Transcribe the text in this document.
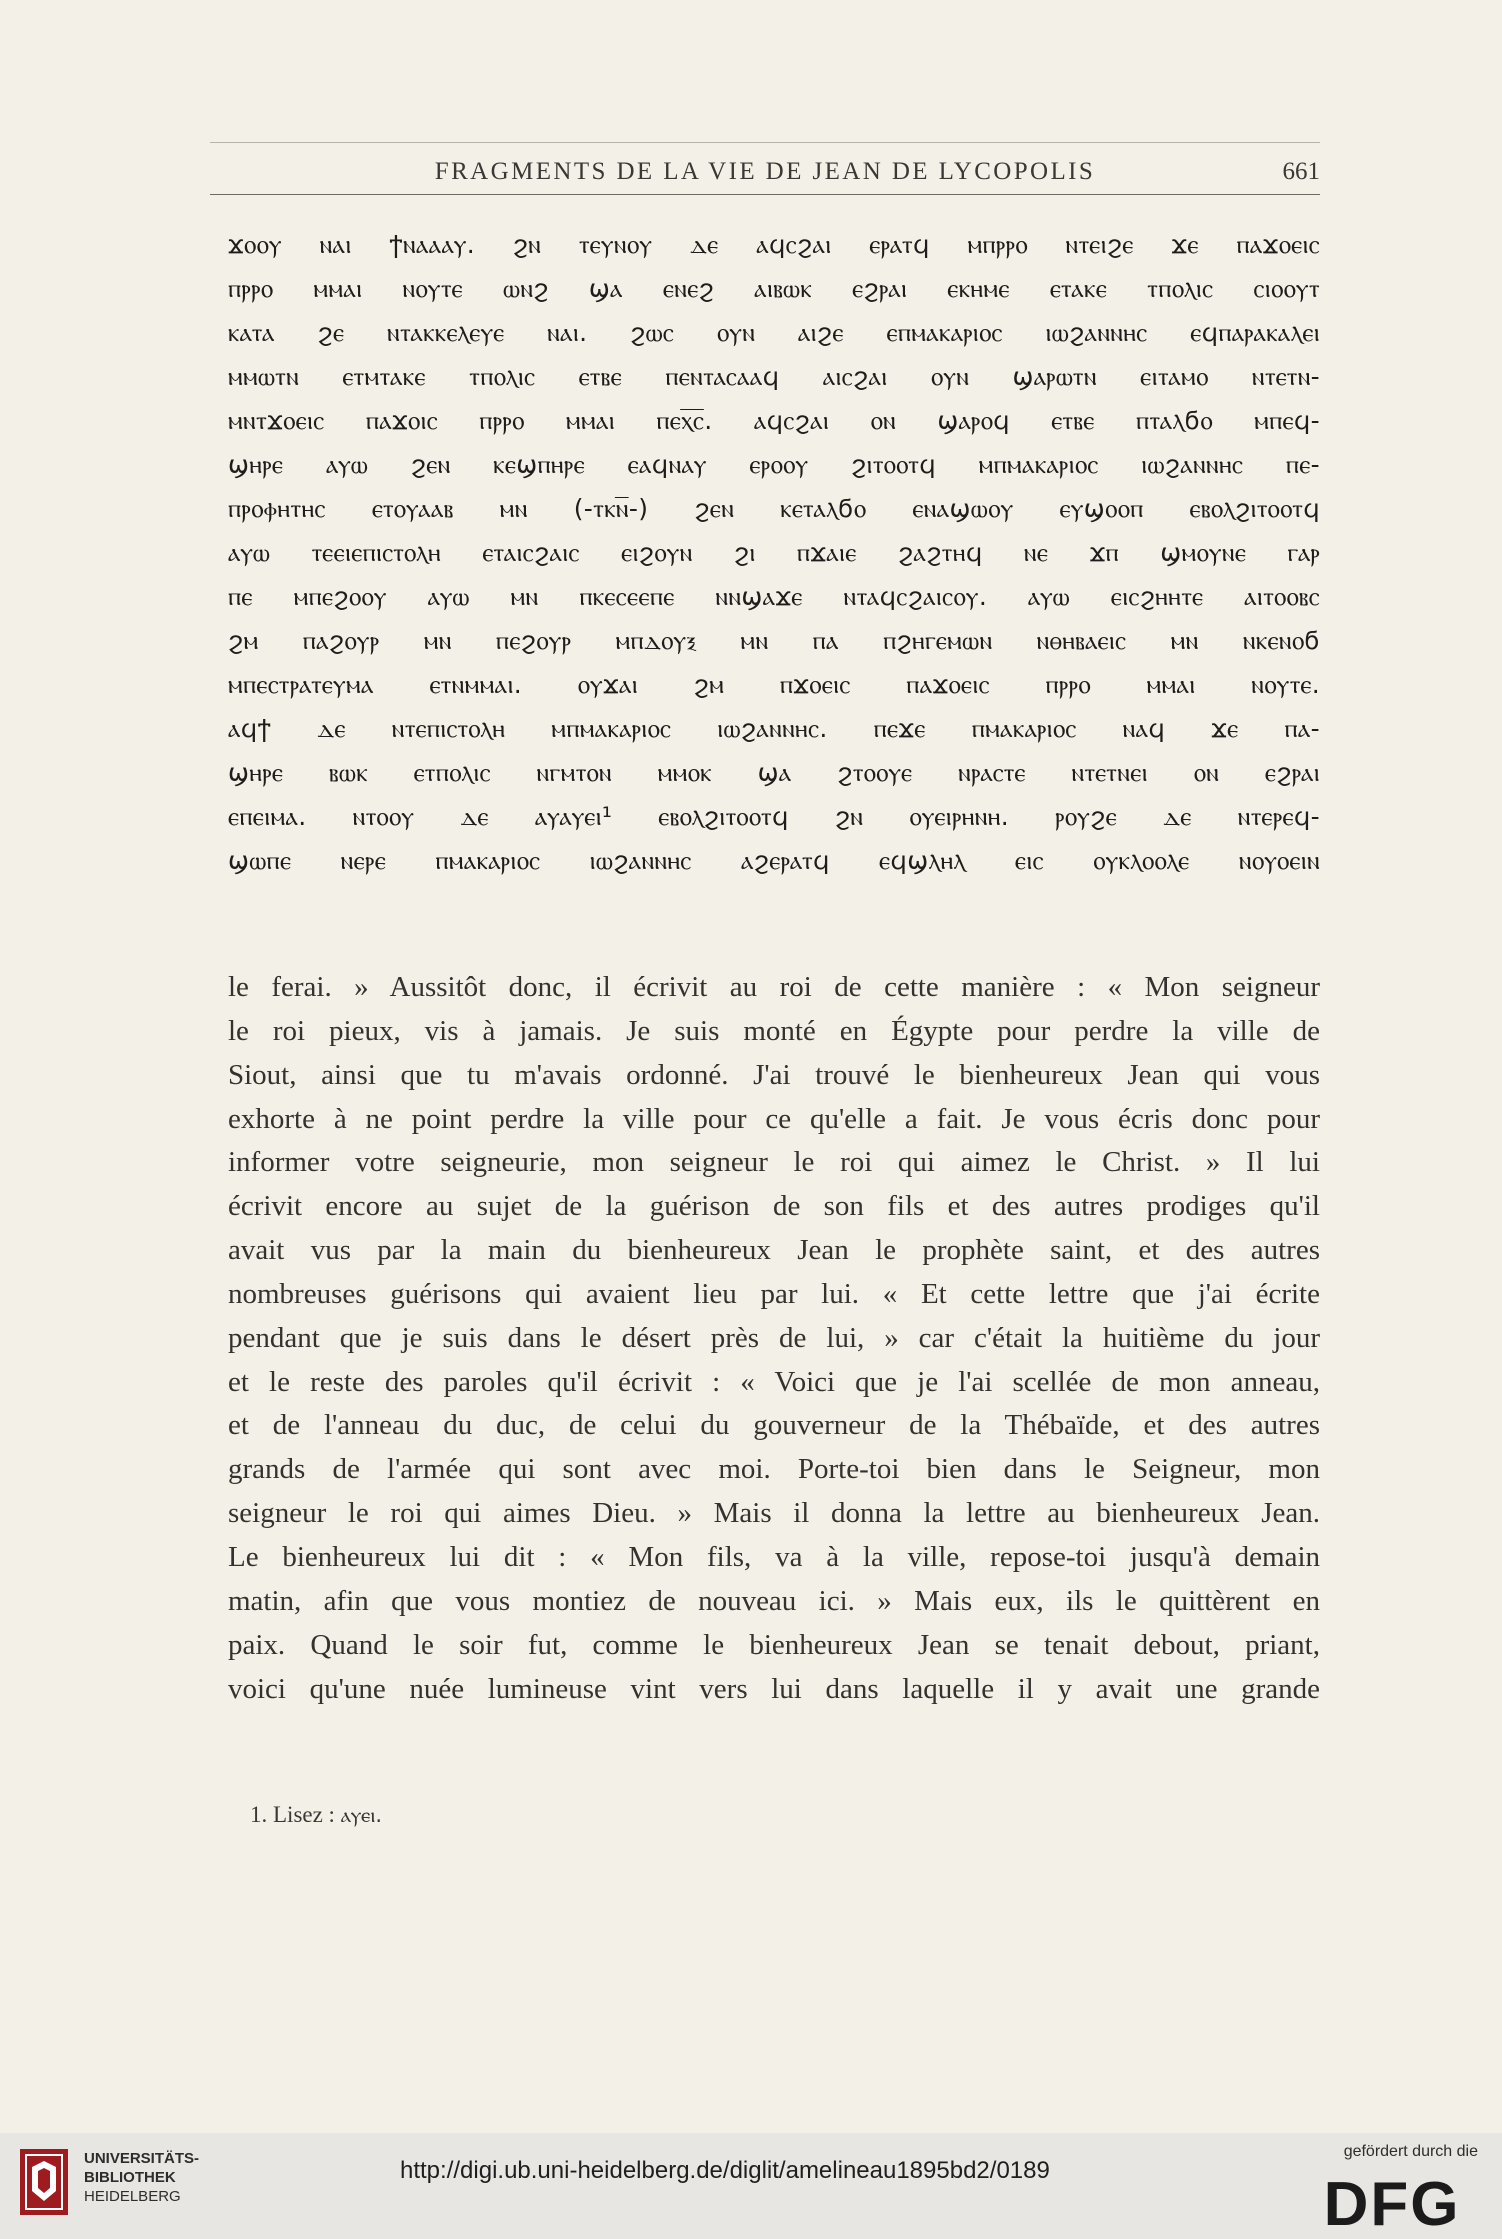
FRAGMENTS DE LA VIE DE JEAN DE LYCOPOLIS	661
ϫⲟⲟⲩ ⲛⲁⲓ ϯⲛⲁⲁⲁⲩ. ϩⲛ ⲧⲉⲩⲛⲟⲩ ⲇⲉ ⲁϥⲥϩⲁⲓ ⲉⲣⲁⲧϥ ⲙⲡⲣⲣⲟ ⲛⲧⲉⲓϩⲉ ϫⲉ ⲡⲁϫⲟⲉⲓⲥ
ⲡⲣⲣⲟ ⲙⲙⲁⲓ ⲛⲟⲩⲧⲉ ⲱⲛϩ ϣⲁ ⲉⲛⲉϩ ⲁⲓⲃⲱⲕ ⲉϩⲣⲁⲓ ⲉⲕⲏⲙⲉ ⲉⲧⲁⲕⲉ ⲧⲡⲟⲗⲓⲥ ⲥⲓⲟⲟⲩⲧ
ⲕⲁⲧⲁ ϩⲉ ⲛⲧⲁⲕⲕⲉⲗⲉⲩⲉ ⲛⲁⲓ. ϩⲱⲥ ⲟⲩⲛ ⲁⲓϩⲉ ⲉⲡⲙⲁⲕⲁⲣⲓⲟⲥ ⲓⲱϩⲁⲛⲛⲏⲥ ⲉϥⲡⲁⲣⲁⲕⲁⲗⲉⲓ
ⲙⲙⲱⲧⲛ ⲉⲧⲙⲧⲁⲕⲉ ⲧⲡⲟⲗⲓⲥ ⲉⲧⲃⲉ ⲡⲉⲛⲧⲁⲥⲁⲁϥ ⲁⲓⲥϩⲁⲓ ⲟⲩⲛ ϣⲁⲣⲱⲧⲛ ⲉⲓⲧⲁⲙⲟ ⲛⲧⲉⲧⲛ-
ⲙⲛⲧϫⲟⲉⲓⲥ ⲡⲁϫⲟⲓⲥ ⲡⲣⲣⲟ ⲙⲙⲁⲓ ⲡⲉⲭ̅ⲥ̅. ⲁϥⲥϩⲁⲓ ⲟⲛ ϣⲁⲣⲟϥ ⲉⲧⲃⲉ ⲡⲧⲁⲗϭⲟ ⲙⲡⲉϥ-
ϣⲏⲣⲉ ⲁⲩⲱ ϩⲉⲛ ⲕⲉϣⲡⲏⲣⲉ ⲉⲁϥⲛⲁⲩ ⲉⲣⲟⲟⲩ ϩⲓⲧⲟⲟⲧϥ ⲙⲡⲙⲁⲕⲁⲣⲓⲟⲥ ⲓⲱϩⲁⲛⲛⲏⲥ ⲡⲉ-
ⲡⲣⲟⲫⲏⲧⲏⲥ ⲉⲧⲟⲩⲁⲁⲃ ⲙⲛ (-ⲧⲕⲛ̅-) ϩⲉⲛ ⲕⲉⲧⲁⲗϭⲟ ⲉⲛⲁϣⲱⲟⲩ ⲉⲩϣⲟⲟⲡ ⲉⲃⲟⲗϩⲓⲧⲟⲟⲧϥ
ⲁⲩⲱ ⲧⲉⲉⲓⲉⲡⲓⲥⲧⲟⲗⲏ ⲉⲧⲁⲓⲥϩⲁⲓⲥ ⲉⲓϩⲟⲩⲛ ϩⲓ ⲡϫⲁⲓⲉ ϩⲁϩⲧⲏϥ ⲛⲉ ϫⲡ ϣⲙⲟⲩⲛⲉ ⲅⲁⲣ
ⲡⲉ ⲙⲡⲉϩⲟⲟⲩ ⲁⲩⲱ ⲙⲛ ⲡⲕⲉⲥⲉⲉⲡⲉ ⲛⲛϣⲁϫⲉ ⲛⲧⲁϥⲥϩⲁⲓⲥⲟⲩ. ⲁⲩⲱ ⲉⲓⲥϩⲏⲏⲧⲉ ⲁⲓⲧⲟⲟⲃⲥ
ϩⲙ ⲡⲁϩⲟⲩⲣ ⲙⲛ ⲡⲉϩⲟⲩⲣ ⲙⲡⲇⲟⲩⲝ ⲙⲛ ⲡⲁ ⲡϩⲏⲅⲉⲙⲱⲛ ⲛⲑⲏⲃⲁⲉⲓⲥ ⲙⲛ ⲛⲕⲉⲛⲟϭ
ⲙⲡⲉⲥⲧⲣⲁⲧⲉⲩⲙⲁ ⲉⲧⲛⲙⲙⲁⲓ. ⲟⲩϫⲁⲓ ϩⲙ ⲡϫⲟⲉⲓⲥ ⲡⲁϫⲟⲉⲓⲥ ⲡⲣⲣⲟ ⲙⲙⲁⲓ ⲛⲟⲩⲧⲉ.
ⲁϥϯ ⲇⲉ ⲛⲧⲉⲡⲓⲥⲧⲟⲗⲏ ⲙⲡⲙⲁⲕⲁⲣⲓⲟⲥ ⲓⲱϩⲁⲛⲛⲏⲥ. ⲡⲉϫⲉ ⲡⲙⲁⲕⲁⲣⲓⲟⲥ ⲛⲁϥ ϫⲉ ⲡⲁ-
ϣⲏⲣⲉ ⲃⲱⲕ ⲉⲧⲡⲟⲗⲓⲥ ⲛⲅⲙⲧⲟⲛ ⲙⲙⲟⲕ ϣⲁ ϩⲧⲟⲟⲩⲉ ⲛⲣⲁⲥⲧⲉ ⲛⲧⲉⲧⲛⲉⲓ ⲟⲛ ⲉϩⲣⲁⲓ
ⲉⲡⲉⲓⲙⲁ. ⲛⲧⲟⲟⲩ ⲇⲉ ⲁⲩⲁⲩⲉⲓ¹ ⲉⲃⲟⲗϩⲓⲧⲟⲟⲧϥ ϩⲛ ⲟⲩⲉⲓⲣⲏⲛⲏ. ⲣⲟⲩϩⲉ ⲇⲉ ⲛⲧⲉⲣⲉϥ-
ϣⲱⲡⲉ ⲛⲉⲣⲉ ⲡⲙⲁⲕⲁⲣⲓⲟⲥ ⲓⲱϩⲁⲛⲛⲏⲥ ⲁϩⲉⲣⲁⲧϥ ⲉϥϣⲗⲏⲗ ⲉⲓⲥ ⲟⲩⲕⲗⲟⲟⲗⲉ ⲛⲟⲩⲟⲉⲓⲛ
le ferai. » Aussitôt donc, il écrivit au roi de cette manière : « Mon seigneur
le roi pieux, vis à jamais. Je suis monté en Égypte pour perdre la ville de
Siout, ainsi que tu m'avais ordonné. J'ai trouvé le bienheureux Jean qui vous
exhorte à ne point perdre la ville pour ce qu'elle a fait. Je vous écris donc pour
informer votre seigneurie, mon seigneur le roi qui aimez le Christ. » Il lui
écrivit encore au sujet de la guérison de son fils et des autres prodiges qu'il
avait vus par la main du bienheureux Jean le prophète saint, et des autres
nombreuses guérisons qui avaient lieu par lui. « Et cette lettre que j'ai écrite
pendant que je suis dans le désert près de lui, » car c'était la huitième du jour
et le reste des paroles qu'il écrivit : « Voici que je l'ai scellée de mon anneau,
et de l'anneau du duc, de celui du gouverneur de la Thébaïde, et des autres
grands de l'armée qui sont avec moi. Porte-toi bien dans le Seigneur, mon
seigneur le roi qui aimes Dieu. » Mais il donna la lettre au bienheureux Jean.
Le bienheureux lui dit : « Mon fils, va à la ville, repose-toi jusqu'à demain
matin, afin que vous montiez de nouveau ici. » Mais eux, ils le quittèrent en
paix. Quand le soir fut, comme le bienheureux Jean se tenait debout, priant,
voici qu'une nuée lumineuse vint vers lui dans laquelle il y avait une grande
1. Lisez : ⲁⲩⲉⲓ.
UNIVERSITÄTS-
BIBLIOTHEK
HEIDELBERG
http://digi.ub.uni-heidelberg.de/diglit/amelineau1895bd2/0189
gefördert durch die
DFG
